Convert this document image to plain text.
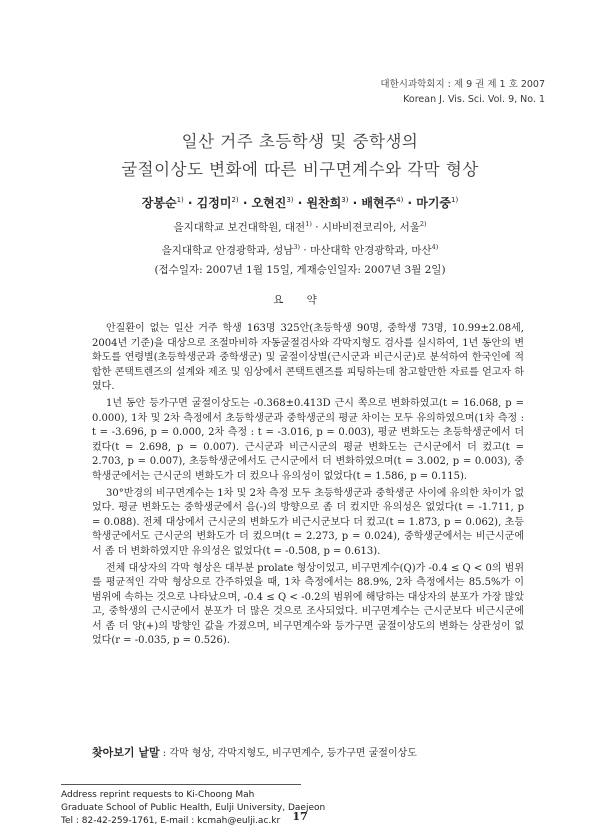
대한시과학회지 : 제 9 권 제 1 호 2007
Korean J. Vis. Sci. Vol. 9, No. 1
일산 거주 초등학생 및 중학생의
굴절이상도 변화에 따른 비구면계수와 각막 형상
장봉순$^{1)}$ · 김정미$^{2)}$ · 오현진$^{3)}$ · 원찬희$^{3)}$ · 배현주$^{4)}$ · 마기중$^{1)}$
을지대학교 보건대학원, 대전$^{1)}$ · 시바비젼코리아, 서울$^{2)}$
을지대학교 안경광학과, 성남$^{3)}$ · 마산대학 안경광학과, 마산$^{4)}$
(접수일자: 2007년 1월 15일, 게재승인일자: 2007년 3월 2일)
요 약

안질환이 없는 일산 거주 학생 163명 325안(초등학생 90명, 중학생 73명, 10.99±2.08세, 2004년 기준)을 대상으로 조절마비하 자동굴절검사와 각막지형도 검사를 실시하여, 1년 동안의 변화도를 연령별(초등학생군과 중학생군) 및 굴절이상별(근시군과 비근시군)로 분석하여 한국인에 적합한 콘택트렌즈의 설계와 제조 및 임상에서 콘택트렌즈를 피팅하는데 참고할만한 자료를 얻고자 하였다.

1년 동안 등가구면 굴절이상도는 -0.368±0.413D 근시 쪽으로 변화하였고(t = 16.068, p = 0.000), 1차 및 2차 측정에서 초등학생군과 중학생군의 평균 차이는 모두 유의하였으며(1차 측정 : t = -3.696, p = 0.000, 2차 측정 : t = -3.016, p = 0.003), 평균 변화도는 초등학생군에서 더 컸다(t = 2.698, p = 0.007). 근시군과 비근시군의 평균 변화도는 근시군에서 더 컸고(t = 2.703, p = 0.007), 초등학생군에서도 근시군에서 더 변화하였으며(t = 3.002, p = 0.003), 중학생군에서는 근시군의 변화도가 더 컸으나 유의성이 없었다(t = 1.586, p = 0.115).

30°반경의 비구면계수는 1차 및 2차 측정 모두 초등학생군과 중학생군 사이에 유의한 차이가 없었다. 평균 변화도는 중학생군에서 음(-)의 방향으로 좀 더 컸지만 유의성은 없었다(t = -1.711, p = 0.088). 전체 대상에서 근시군의 변화도가 비근시군보다 더 컸고(t = 1.873, p = 0.062), 초등학생군에서도 근시군의 변화도가 더 컸으며(t = 2.273, p = 0.024), 중학생군에서는 비근시군에서 좀 더 변화하였지만 유의성은 없었다(t = -0.508, p = 0.613).

전체 대상자의 각막 형상은 대부분 prolate 형상이었고, 비구면계수(Q)가 -0.4 ≤ Q < 0의 범위를 평균적인 각막 형상으로 간주하였을 때, 1차 측정에서는 88.9%, 2차 측정에서는 85.5%가 이 범위에 속하는 것으로 나타났으며, -0.4 ≤ Q < -0.2의 범위에 해당하는 대상자의 분포가 가장 많았고, 중학생의 근시군에서 분포가 더 많은 것으로 조사되었다. 비구면계수는 근시군보다 비근시군에서 좀 더 양(+)의 방향인 값을 가졌으며, 비구면계수와 등가구면 굴절이상도의 변화는 상관성이 없었다(r = -0.035, p = 0.526).

찾아보기 낱말 : 각막 형상, 각막지형도, 비구면계수, 등가구면 굴절이상도
Address reprint requests to Ki-Choong Mah
Graduate School of Public Health, Eulji University, Daejeon
Tel : 82-42-259-1761, E-mail : kcmah@eulji.ac.kr	17
